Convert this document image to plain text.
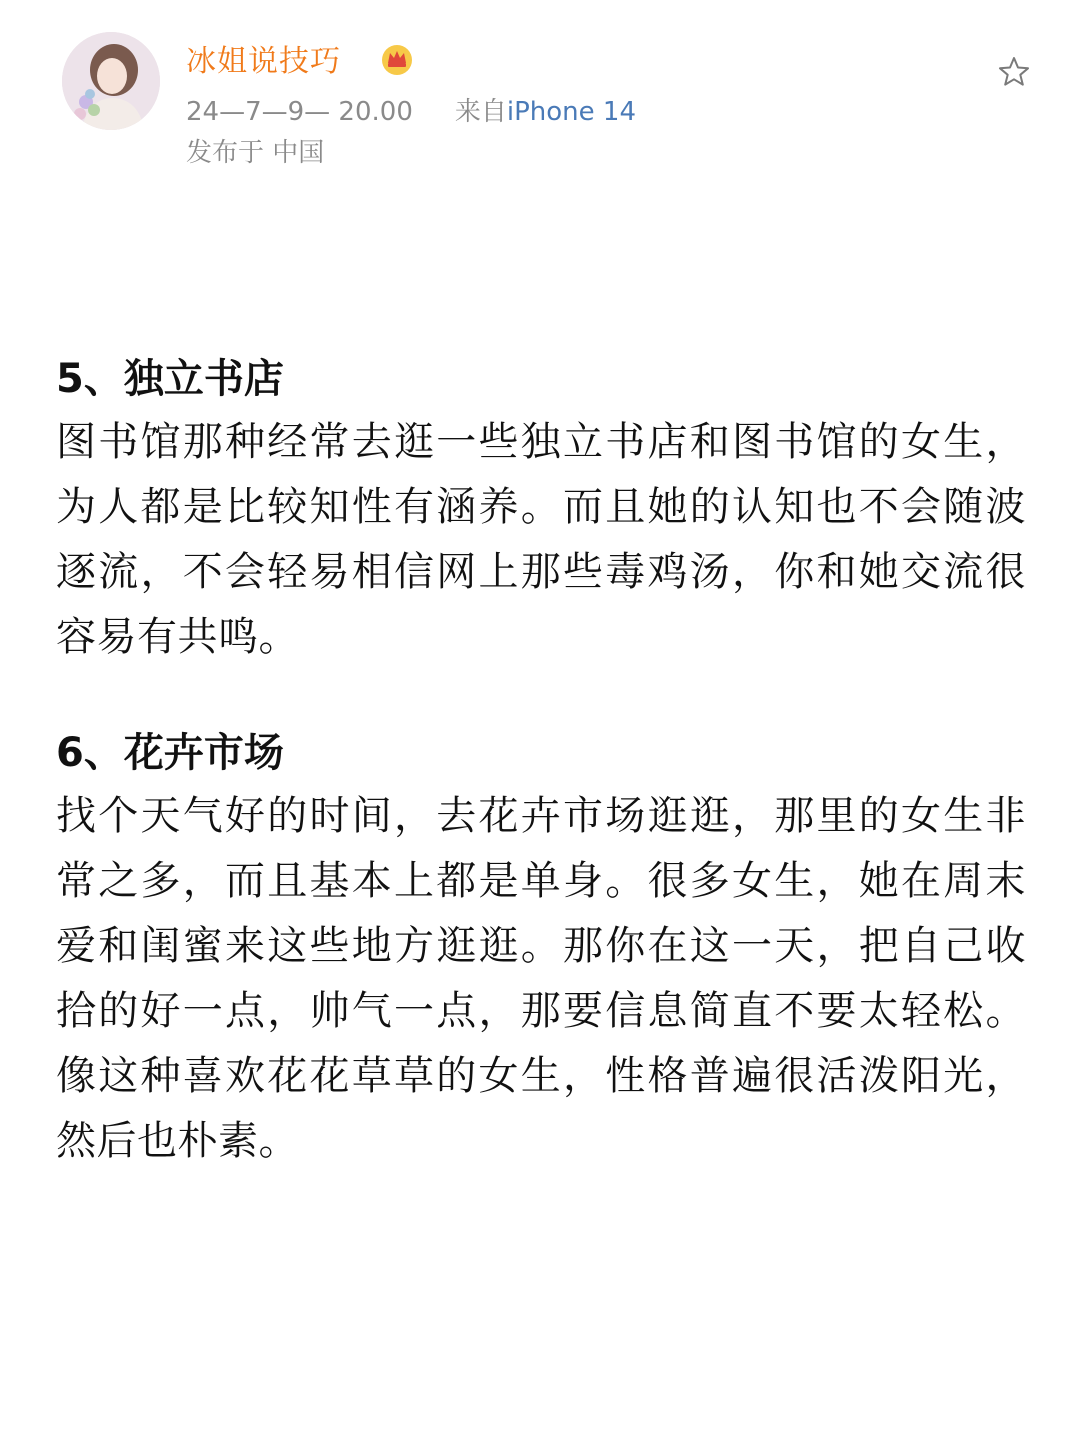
冰姐说技巧
24—7—9— 20.00 来自iPhone 14
发布于 中国
5、独立书店

图书馆那种经常去逛一些独立书店和图书馆的女生，为人都是比较知性有涵养。而且她的认知也不会随波逐流，不会轻易相信网上那些毒鸡汤，你和她交流很容易有共鸣。

6、花卉市场

找个天气好的时间，去花卉市场逛逛，那里的女生非常之多，而且基本上都是单身。很多女生，她在周末爱和闺蜜来这些地方逛逛。那你在这一天，把自己收拾的好一点，帅气一点，那要信息简直不要太轻松。像这种喜欢花花草草的女生，性格普遍很活泼阳光，然后也朴素。
